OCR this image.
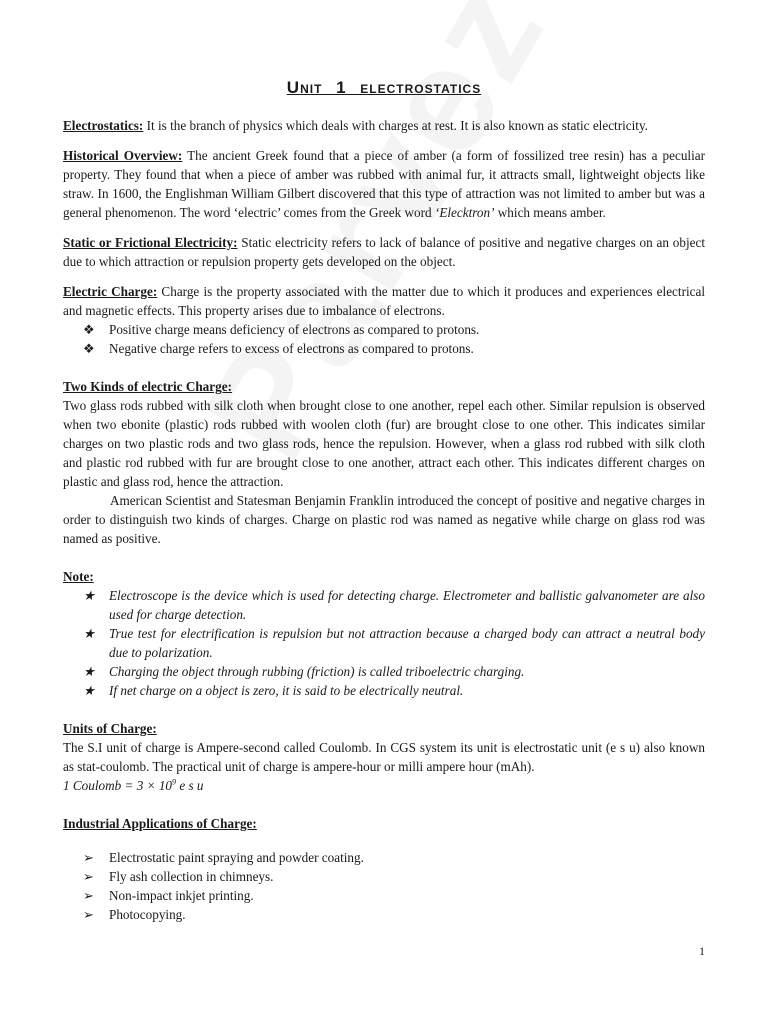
Unit 1 electrostatics

Electrostatics: It is the branch of physics which deals with charges at rest. It is also known as static electricity.

Historical Overview: The ancient Greek found that a piece of amber (a form of fossilized tree resin) has a peculiar property. They found that when a piece of amber was rubbed with animal fur, it attracts small, lightweight objects like straw. In 1600, the Englishman William Gilbert discovered that this type of attraction was not limited to amber but was a general phenomenon. The word ‘electric’ comes from the Greek word ‘Elecktron’ which means amber.

Static or Frictional Electricity: Static electricity refers to lack of balance of positive and negative charges on an object due to which attraction or repulsion property gets developed on the object.

Electric Charge: Charge is the property associated with the matter due to which it produces and experiences electrical and magnetic effects. This property arises due to imbalance of electrons.

❖ Positive charge means deficiency of electrons as compared to protons.
❖ Negative charge refers to excess of electrons as compared to protons.

Two Kinds of electric Charge:

Two glass rods rubbed with silk cloth when brought close to one another, repel each other. Similar repulsion is observed when two ebonite (plastic) rods rubbed with woolen cloth (fur) are brought close to one other. This indicates similar charges on two plastic rods and two glass rods, hence the repulsion. However, when a glass rod rubbed with silk cloth and plastic rod rubbed with fur are brought close to one another, attract each other. This indicates different charges on plastic and glass rod, hence the attraction.

American Scientist and Statesman Benjamin Franklin introduced the concept of positive and negative charges in order to distinguish two kinds of charges. Charge on plastic rod was named as negative while charge on glass rod was named as positive.

Note:

★ Electroscope is the device which is used for detecting charge. Electrometer and ballistic galvanometer are also used for charge detection.
★ True test for electrification is repulsion but not attraction because a charged body can attract a neutral body due to polarization.
★ Charging the object through rubbing (friction) is called triboelectric charging.
★ If net charge on a object is zero, it is said to be electrically neutral.

Units of Charge:

The S.I unit of charge is Ampere-second called Coulomb. In CGS system its unit is electrostatic unit (e s u) also known as stat-coulomb. The practical unit of charge is ampere-hour or milli ampere hour (mAh).

1 Coulomb = $3 \times 10^9$ e s u

Industrial Applications of Charge:

➢ Electrostatic paint spraying and powder coating.
➢ Fly ash collection in chimneys.
➢ Non-impact inkjet printing.
➢ Photocopying.
1
